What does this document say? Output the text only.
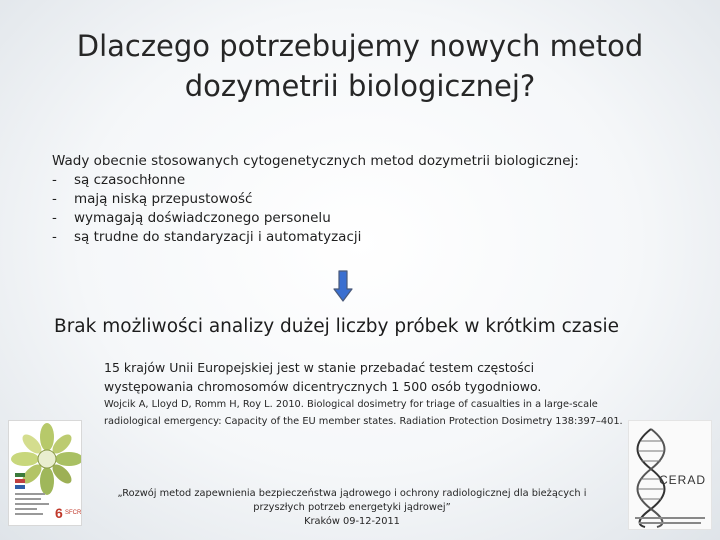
Dlaczego potrzebujemy nowych metod
dozymetrii biologicznej?
Wady obecnie stosowanych cytogenetycznych metod dozymetrii biologicznej:
- są czasochłonne
- mają niską przepustowość
- wymagają doświadczonego personelu
- są trudne do standaryzacji i automatyzacji
Brak możliwości analizy dużej liczby próbek w krótkim czasie
15 krajów Unii Europejskiej jest w stanie przebadać testem częstości
występowania chromosomów dicentrycznych 1 500 osób tygodniowo.
Wojcik A, Lloyd D, Romm H, Roy L. 2010. Biological dosimetry for triage of casualties in a large-scale
radiological emergency: Capacity of the EU member states. Radiation Protection Dosimetry 138:397–401.
„Rozwój metod zapewnienia bezpieczeństwa jądrowego i ochrony radiologicznej dla bieżących i
przyszłych potrzeb energetyki jądrowej”
Kraków 09-12-2011
6 SFCR
CERAD
